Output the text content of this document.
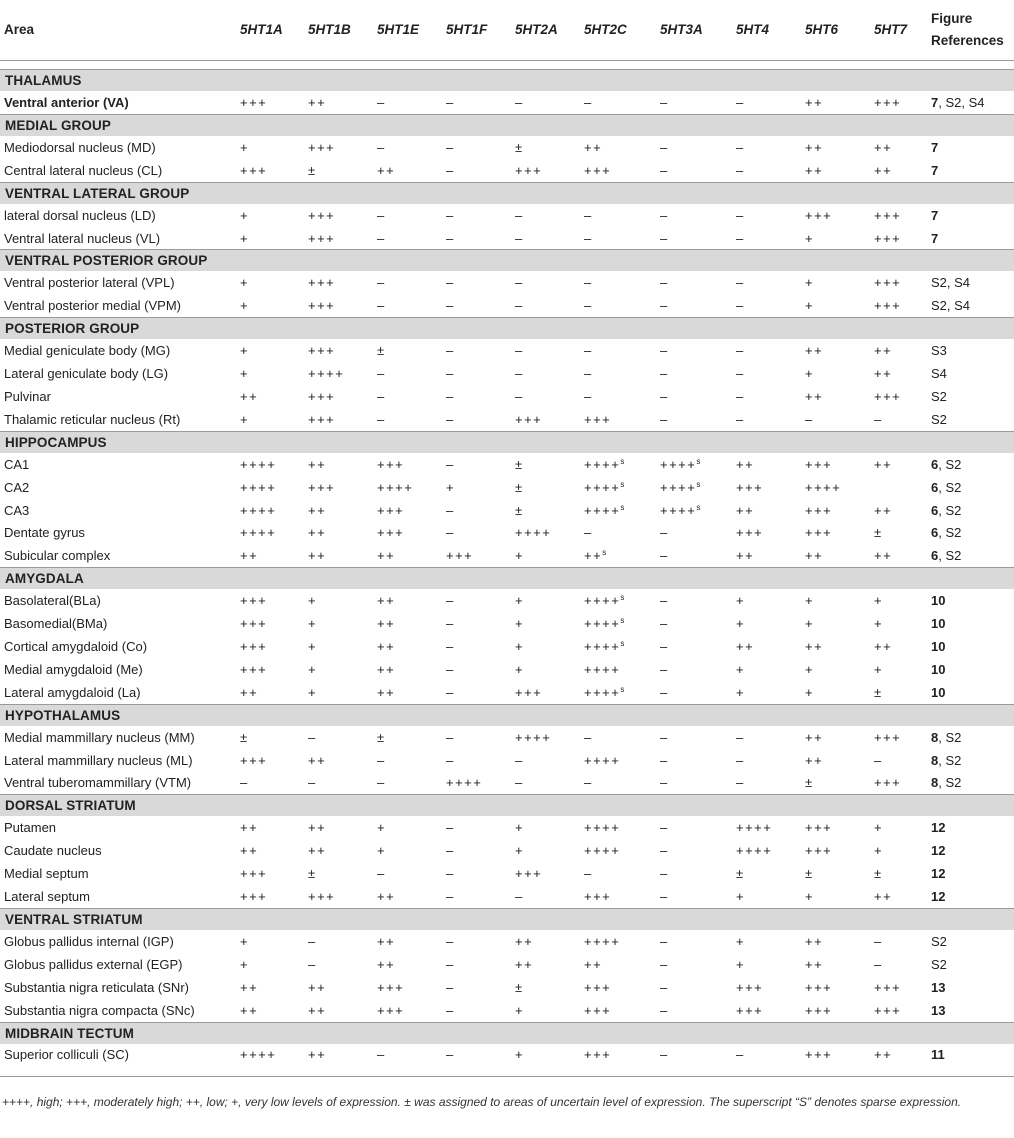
Area	5HT1A	5HT1B	5HT1E	5HT1F	5HT2A	5HT2C	5HT3A	5HT4	5HT6	5HT7	Figure References

THALAMUS											
Ventral anterior (VA)	+++	++	–	–	–	–	–	–	++	+++	7, S2, S4
MEDIAL GROUP											
Mediodorsal nucleus (MD)	+	+++	–	–	±	++	–	–	++	++	7
Central lateral nucleus (CL)	+++	±	++	–	+++	+++	–	–	++	++	7
VENTRAL LATERAL GROUP											
lateral dorsal nucleus (LD)	+	+++	–	–	–	–	–	–	+++	+++	7
Ventral lateral nucleus (VL)	+	+++	–	–	–	–	–	–	+	+++	7
VENTRAL POSTERIOR GROUP											
Ventral posterior lateral (VPL)	+	+++	–	–	–	–	–	–	+	+++	S2, S4
Ventral posterior medial (VPM)	+	+++	–	–	–	–	–	–	+	+++	S2, S4
POSTERIOR GROUP											
Medial geniculate body (MG)	+	+++	±	–	–	–	–	–	++	++	S3
Lateral geniculate body (LG)	+	++++	–	–	–	–	–	–	+	++	S4
Pulvinar	++	+++	–	–	–	–	–	–	++	+++	S2
Thalamic reticular nucleus (Rt)	+	+++	–	–	+++	+++	–	–	–	–	S2
HIPPOCAMPUS											
CA1	++++	++	+++	–	±	++++$^s$	++++$^s$	++	+++	++	6, S2
CA2	++++	+++	++++	+	±	++++$^s$	++++$^s$	+++	++++		6, S2
CA3	++++	++	+++	–	±	++++$^s$	++++$^s$	++	+++	++	6, S2
Dentate gyrus	++++	++	+++	–	++++	–	–	+++	+++	±	6, S2
Subicular complex	++	++	++	+++	+	++$^s$	–	++	++	++	6, S2
AMYGDALA											
Basolateral(BLa)	+++	+	++	–	+	++++$^s$	–	+	+	+	10
Basomedial(BMa)	+++	+	++	–	+	++++$^s$	–	+	+	+	10
Cortical amygdaloid (Co)	+++	+	++	–	+	++++$^s$	–	++	++	++	10
Medial amygdaloid (Me)	+++	+	++	–	+	++++	–	+	+	+	10
Lateral amygdaloid (La)	++	+	++	–	+++	++++$^s$	–	+	+	±	10
HYPOTHALAMUS											
Medial mammillary nucleus (MM)	±	–	±	–	++++	–	–	–	++	+++	8, S2
Lateral mammillary nucleus (ML)	+++	++	–	–	–	++++	–	–	++	–	8, S2
Ventral tuberomammillary (VTM)	–	–	–	++++	–	–	–	–	±	+++	8, S2
DORSAL STRIATUM											
Putamen	++	++	+	–	+	++++	–	++++	+++	+	12
Caudate nucleus	++	++	+	–	+	++++	–	++++	+++	+	12
Medial septum	+++	±	–	–	+++	–	–	±	±	±	12
Lateral septum	+++	+++	++	–	–	+++	–	+	+	++	12
VENTRAL STRIATUM											
Globus pallidus internal (IGP)	+	–	++	–	++	++++	–	+	++	–	S2
Globus pallidus external (EGP)	+	–	++	–	++	++	–	+	++	–	S2
Substantia nigra reticulata (SNr)	++	++	+++	–	±	+++	–	+++	+++	+++	13
Substantia nigra compacta (SNc)	++	++	+++	–	+	+++	–	+++	+++	+++	13
MIDBRAIN TECTUM											
Superior colliculi (SC)	++++	++	–	–	+	+++	–	–	+++	++	11

++++, high; +++, moderately high; ++, low; +, very low levels of expression. ± was assigned to areas of uncertain level of expression. The superscript “S” denotes sparse expression.
